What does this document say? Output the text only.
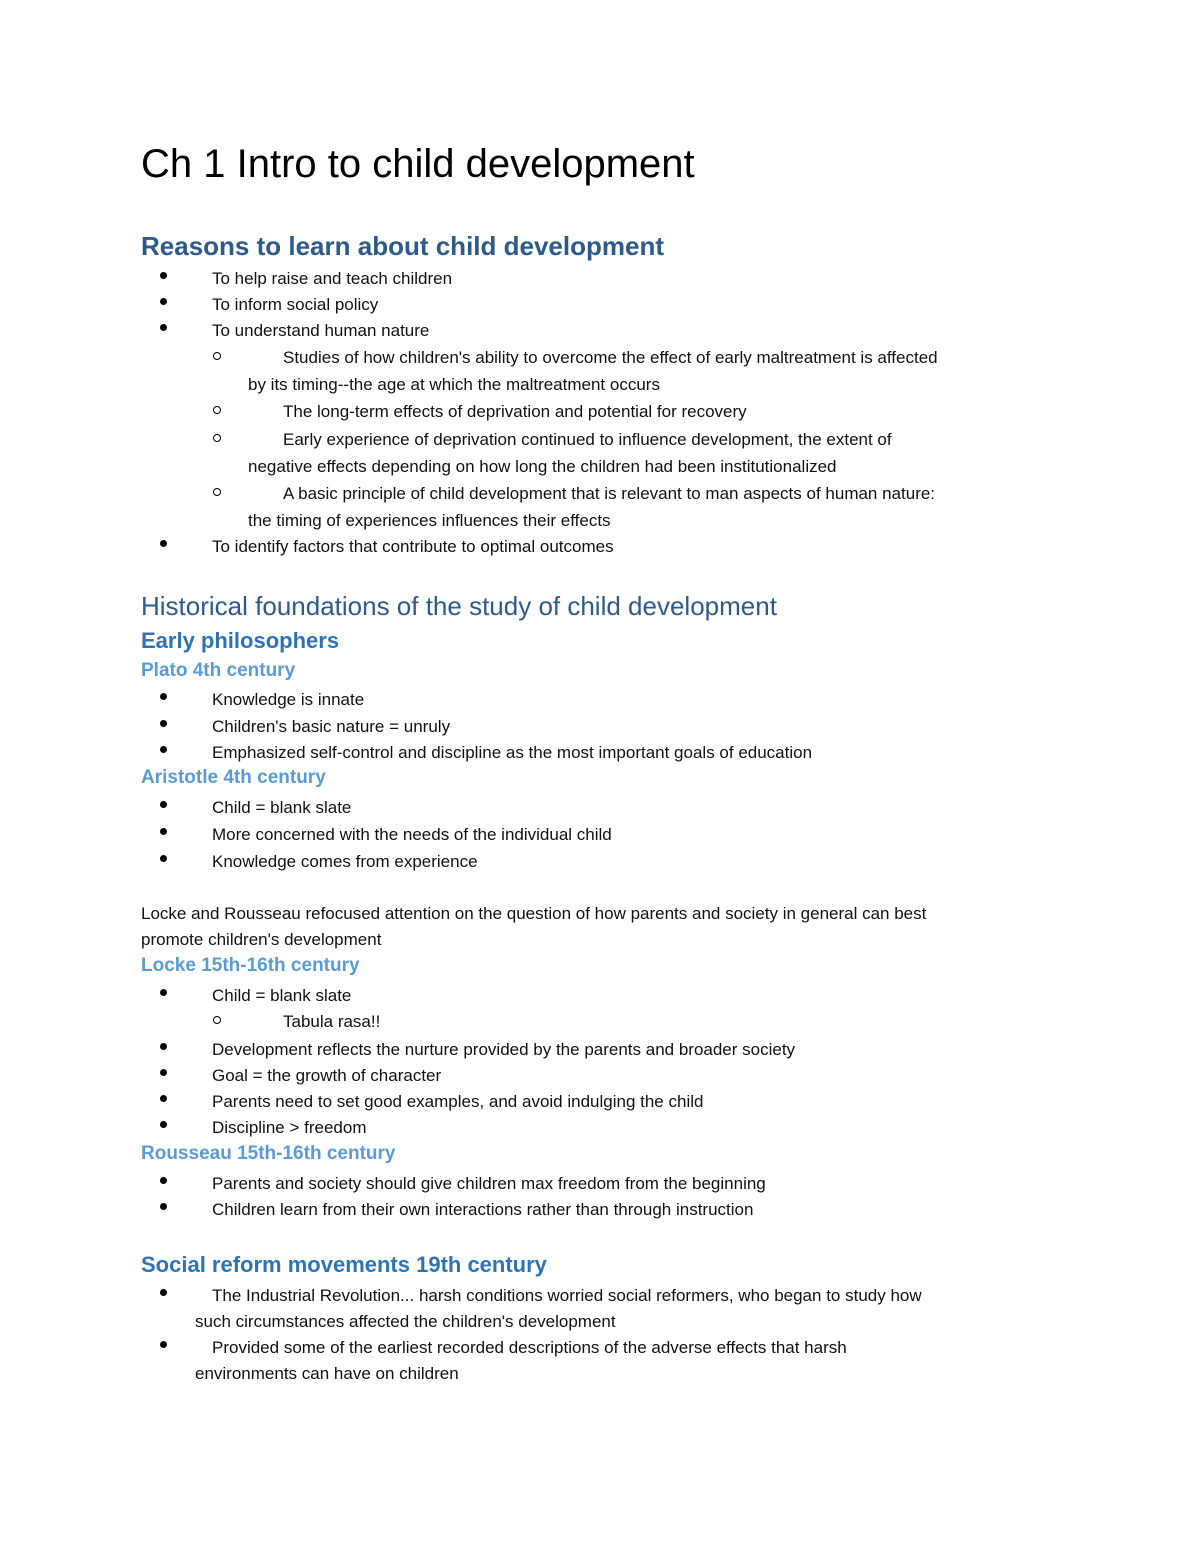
Ch 1 Intro to child development
Reasons to learn about child development
To help raise and teach children
To inform social policy
To understand human nature
Studies of how children's ability to overcome the effect of early maltreatment is affected
by its timing--the age at which the maltreatment occurs
The long-term effects of deprivation and potential for recovery
Early experience of deprivation continued to influence development, the extent of
negative effects depending on how long the children had been institutionalized
A basic principle of child development that is relevant to man aspects of human nature:
the timing of experiences influences their effects
To identify factors that contribute to optimal outcomes
Historical foundations of the study of child development
Early philosophers
Plato 4th century
Knowledge is innate
Children's basic nature = unruly
Emphasized self-control and discipline as the most important goals of education
Aristotle 4th century
Child = blank slate
More concerned with the needs of the individual child
Knowledge comes from experience
Locke and Rousseau refocused attention on the question of how parents and society in general can best
promote children's development
Locke 15th-16th century
Child = blank slate
Tabula rasa!!
Development reflects the nurture provided by the parents and broader society
Goal = the growth of character
Parents need to set good examples, and avoid indulging the child
Discipline > freedom
Rousseau 15th-16th century
Parents and society should give children max freedom from the beginning
Children learn from their own interactions rather than through instruction
Social reform movements 19th century
The Industrial Revolution... harsh conditions worried social reformers, who began to study how
such circumstances affected the children's development
Provided some of the earliest recorded descriptions of the adverse effects that harsh
environments can have on children
